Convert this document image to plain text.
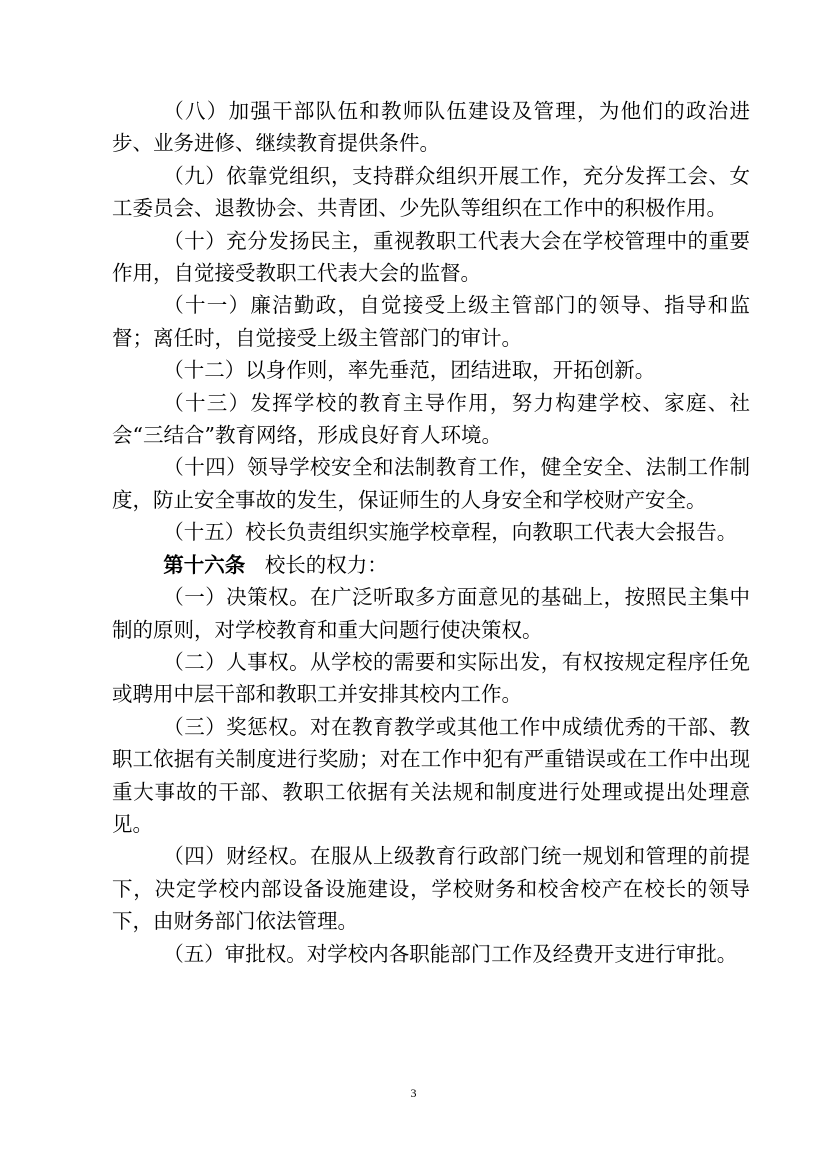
（八）加强干部队伍和教师队伍建设及管理，为他们的政治进步、业务进修、继续教育提供条件。

（九）依靠党组织，支持群众组织开展工作，充分发挥工会、女工委员会、退教协会、共青团、少先队等组织在工作中的积极作用。

（十）充分发扬民主，重视教职工代表大会在学校管理中的重要作用，自觉接受教职工代表大会的监督。

（十一）廉洁勤政，自觉接受上级主管部门的领导、指导和监督；离任时，自觉接受上级主管部门的审计。

（十二）以身作则，率先垂范，团结进取，开拓创新。

（十三）发挥学校的教育主导作用，努力构建学校、家庭、社会“三结合”教育网络，形成良好育人环境。

（十四）领导学校安全和法制教育工作，健全安全、法制工作制度，防止安全事故的发生，保证师生的人身安全和学校财产安全。

（十五）校长负责组织实施学校章程，向教职工代表大会报告。

第十六条 校长的权力：

（一）决策权。在广泛听取多方面意见的基础上，按照民主集中制的原则，对学校教育和重大问题行使决策权。

（二）人事权。从学校的需要和实际出发，有权按规定程序任免或聘用中层干部和教职工并安排其校内工作。

（三）奖惩权。对在教育教学或其他工作中成绩优秀的干部、教职工依据有关制度进行奖励；对在工作中犯有严重错误或在工作中出现重大事故的干部、教职工依据有关法规和制度进行处理或提出处理意见。

（四）财经权。在服从上级教育行政部门统一规划和管理的前提下，决定学校内部设备设施建设，学校财务和校舍校产在校长的领导下，由财务部门依法管理。

（五）审批权。对学校内各职能部门工作及经费开支进行审批。

3
